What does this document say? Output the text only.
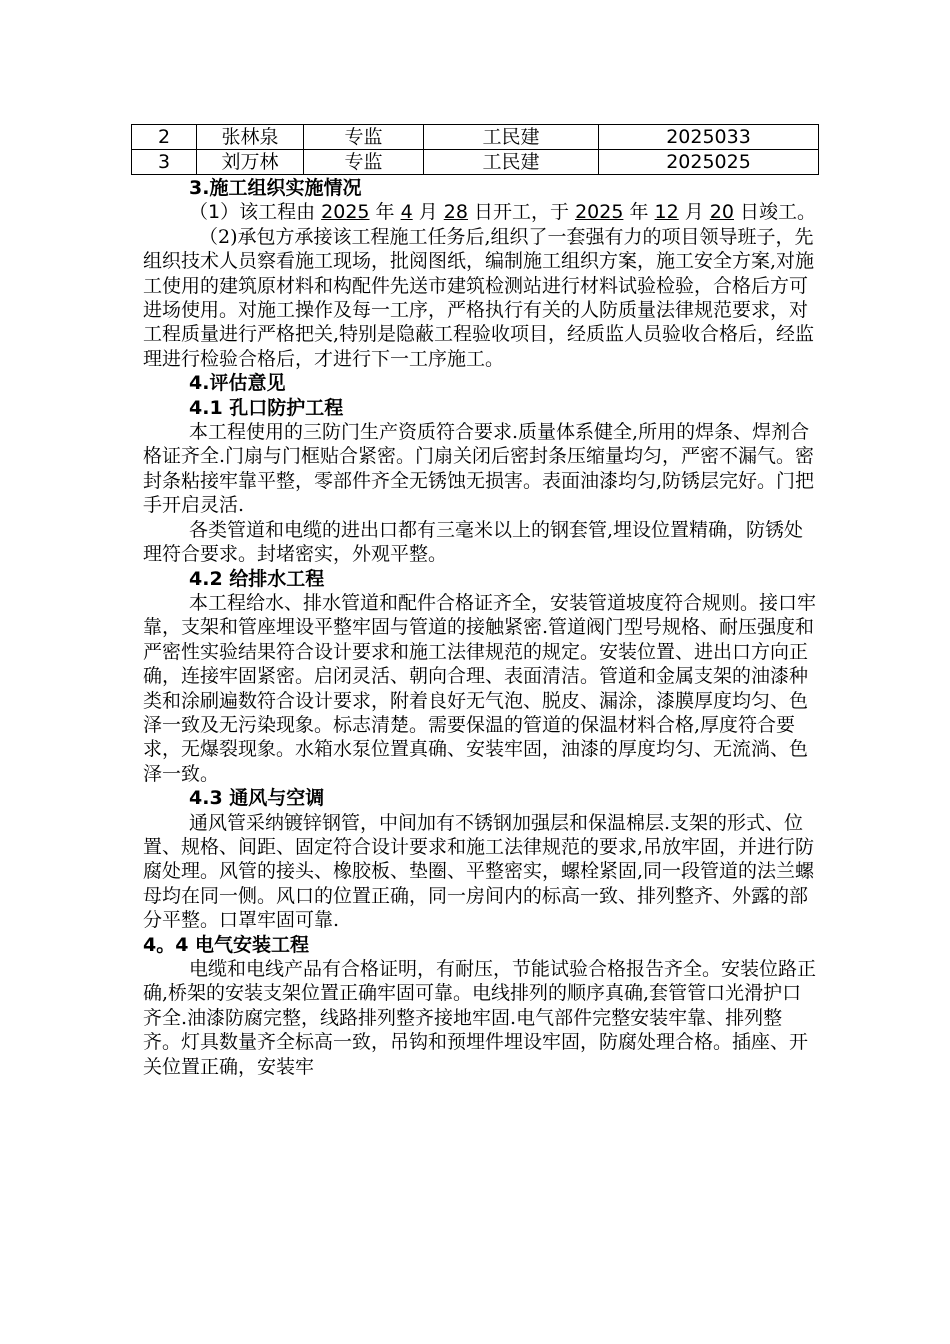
2	张林泉	专监	工民建	2025033
3	刘万林	专监	工民建	2025025

3.施工组织实施情况

（1）该工程由 2025 年 4 月 28 日开工，于 2025 年 12 月 20 日竣工。

（2)承包方承接该工程施工任务后,组织了一套强有力的项目领导班子，先组织技术人员察看施工现场，批阅图纸，编制施工组织方案，施工安全方案,对施工使用的建筑原材料和构配件先送市建筑检测站进行材料试验检验，合格后方可进场使用。对施工操作及每一工序，严格执行有关的人防质量法律规范要求，对工程质量进行严格把关,特别是隐蔽工程验收项目，经质监人员验收合格后，经监理进行检验合格后，才进行下一工序施工。

4.评估意见

4.1 孔口防护工程

本工程使用的三防门生产资质符合要求.质量体系健全,所用的焊条、焊剂合格证齐全.门扇与门框贴合紧密。门扇关闭后密封条压缩量均匀，严密不漏气。密封条粘接牢靠平整，零部件齐全无锈蚀无损害。表面油漆均匀,防锈层完好。门把手开启灵活.

各类管道和电缆的进出口都有三毫米以上的钢套管,埋设位置精确，防锈处理符合要求。封堵密实，外观平整。

4.2 给排水工程

本工程给水、排水管道和配件合格证齐全，安装管道坡度符合规则。接口牢靠，支架和管座埋设平整牢固与管道的接触紧密.管道阀门型号规格、耐压强度和严密性实验结果符合设计要求和施工法律规范的规定。安装位置、进出口方向正确，连接牢固紧密。启闭灵活、朝向合理、表面清洁。管道和金属支架的油漆种类和涂刷遍数符合设计要求，附着良好无气泡、脱皮、漏涂，漆膜厚度均匀、色泽一致及无污染现象。标志清楚。需要保温的管道的保温材料合格,厚度符合要求，无爆裂现象。水箱水泵位置真确、安装牢固，油漆的厚度均匀、无流淌、色泽一致。

4.3 通风与空调

通风管采纳镀锌钢管，中间加有不锈钢加强层和保温棉层.支架的形式、位置、规格、间距、固定符合设计要求和施工法律规范的要求,吊放牢固，并进行防腐处理。风管的接头、橡胶板、垫圈、平整密实，螺栓紧固,同一段管道的法兰螺母均在同一侧。风口的位置正确，同一房间内的标高一致、排列整齐、外露的部分平整。口罩牢固可靠.

4。4 电气安装工程

电缆和电线产品有合格证明，有耐压，节能试验合格报告齐全。安装位路正确,桥架的安装支架位置正确牢固可靠。电线排列的顺序真确,套管管口光滑护口齐全.油漆防腐完整，线路排列整齐接地牢固.电气部件完整安装牢靠、排列整齐。灯具数量齐全标高一致，吊钩和预埋件埋设牢固，防腐处理合格。插座、开关位置正确，安装牢
